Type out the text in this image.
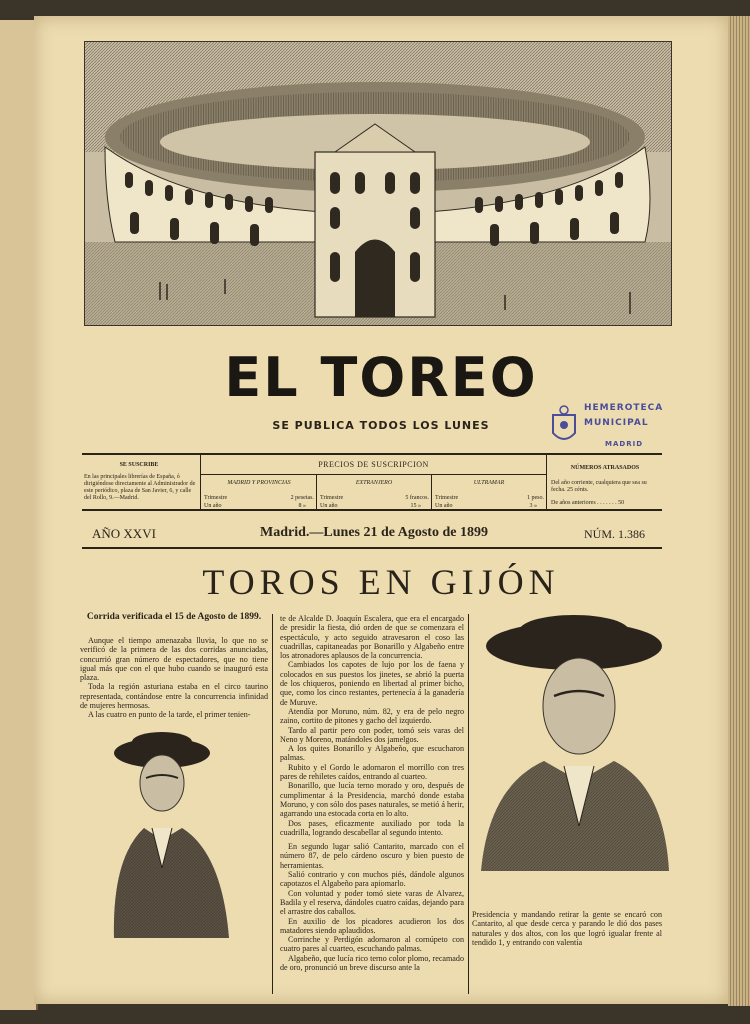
EL TOREO
SE PUBLICA TODOS LOS LUNES
HEMEROTECA
MUNICIPAL
MADRID
SE SUSCRIBE
En las principales librerías de España, ó dirigiéndose directamente al Administrador de este periódico, plaza de San Javier, 6, y calle del Rollo, 9.—Madrid.
PRECIOS DE SUSCRIPCION
MADRID Y PROVINCIAS
Trimestre	2 pesetas.
Un año	8 »
EXTRANJERO
Trimestre	5 francos.
Un año	15 »
ULTRAMAR
Trimestre	1 peso.
Un año	3 »
NÚMEROS ATRASADOS
Del año corriente, cualquiera que sea su fecha. 25 cénts.
De años anteriores . . . . . . . 50
AÑO XXVI	Madrid.—Lunes 21 de Agosto de 1899	NÚM. 1.386
TOROS EN GIJÓN
Corrida verificada el 15 de Agosto de 1899.

Aunque el tiempo amenazaba lluvia, lo que no se verificó de la primera de las dos corridas anunciadas, concurrió gran número de espectadores, que no tiene igual más que con el que hubo cuando se inauguró esta plaza.

Toda la región asturiana estaba en el circo taurino representada, contándose entre la concurrencia infinidad de mujeres hermosas.

A las cuatro en punto de la tarde, el primer tenien-

te de Alcalde D. Joaquín Escalera, que era el encargado de presidir la fiesta, dió orden de que se comenzara el espectáculo, y acto seguido atravesaron el coso las cuadrillas, capitaneadas por Bonarillo y Algabeño entre los atronadores aplausos de la concurrencia.

Cambiados los capotes de lujo por los de faena y colocados en sus puestos los jinetes, se abrió la puerta de los chiqueros, poniendo en libertad al primer bicho, que, como los cinco restantes, pertenecía á la ganadería de Muruve.

Atendía por Moruno, núm. 82, y era de pelo negro zaino, cortito de pitones y gacho del izquierdo.

Tardo al partir pero con poder, tomó seis varas del Neno y Moreno, matándoles dos jamelgos.

A los quites Bonarillo y Algabeño, que escucharon palmas.

Rubito y el Gordo le adornaron el morrillo con tres pares de rehiletes caídos, entrando al cuarteo.

Bonarillo, que lucía terno morado y oro, después de cumplimentar á la Presidencia, marchó donde estaba Moruno, y con sólo dos pases naturales, se metió á herir, agarrando una estocada corta en lo alto.

Dos pases, eficazmente auxiliado por toda la cuadrilla, logrando descabellar al segundo intento.

En segundo lugar salió Cantarito, marcado con el número 87, de pelo cárdeno oscuro y bien puesto de herramientas.

Salió contrario y con muchos piés, dándole algunos capotazos el Algabeño para apiomarlo.

Con voluntad y poder tomó siete varas de Alvarez, Badila y el reserva, dándoles cuatro caídas, dejando para el arrastre dos caballos.

En auxilio de los picadores acudieron los dos matadores siendo aplaudidos.

Corrinche y Perdigón adornaron al cornúpeto con cuatro pares al cuarteo, escuchando palmas.

Algabeño, que lucía rico terno color plomo, recamado de oro, pronunció un breve discurso ante la

Presidencia y mandando retirar la gente se encaró con Cantarito, al que desde cerca y parando le dió dos pases naturales y dos altos, con los que logró igualar frente al tendido 1, y entrando con valentía
